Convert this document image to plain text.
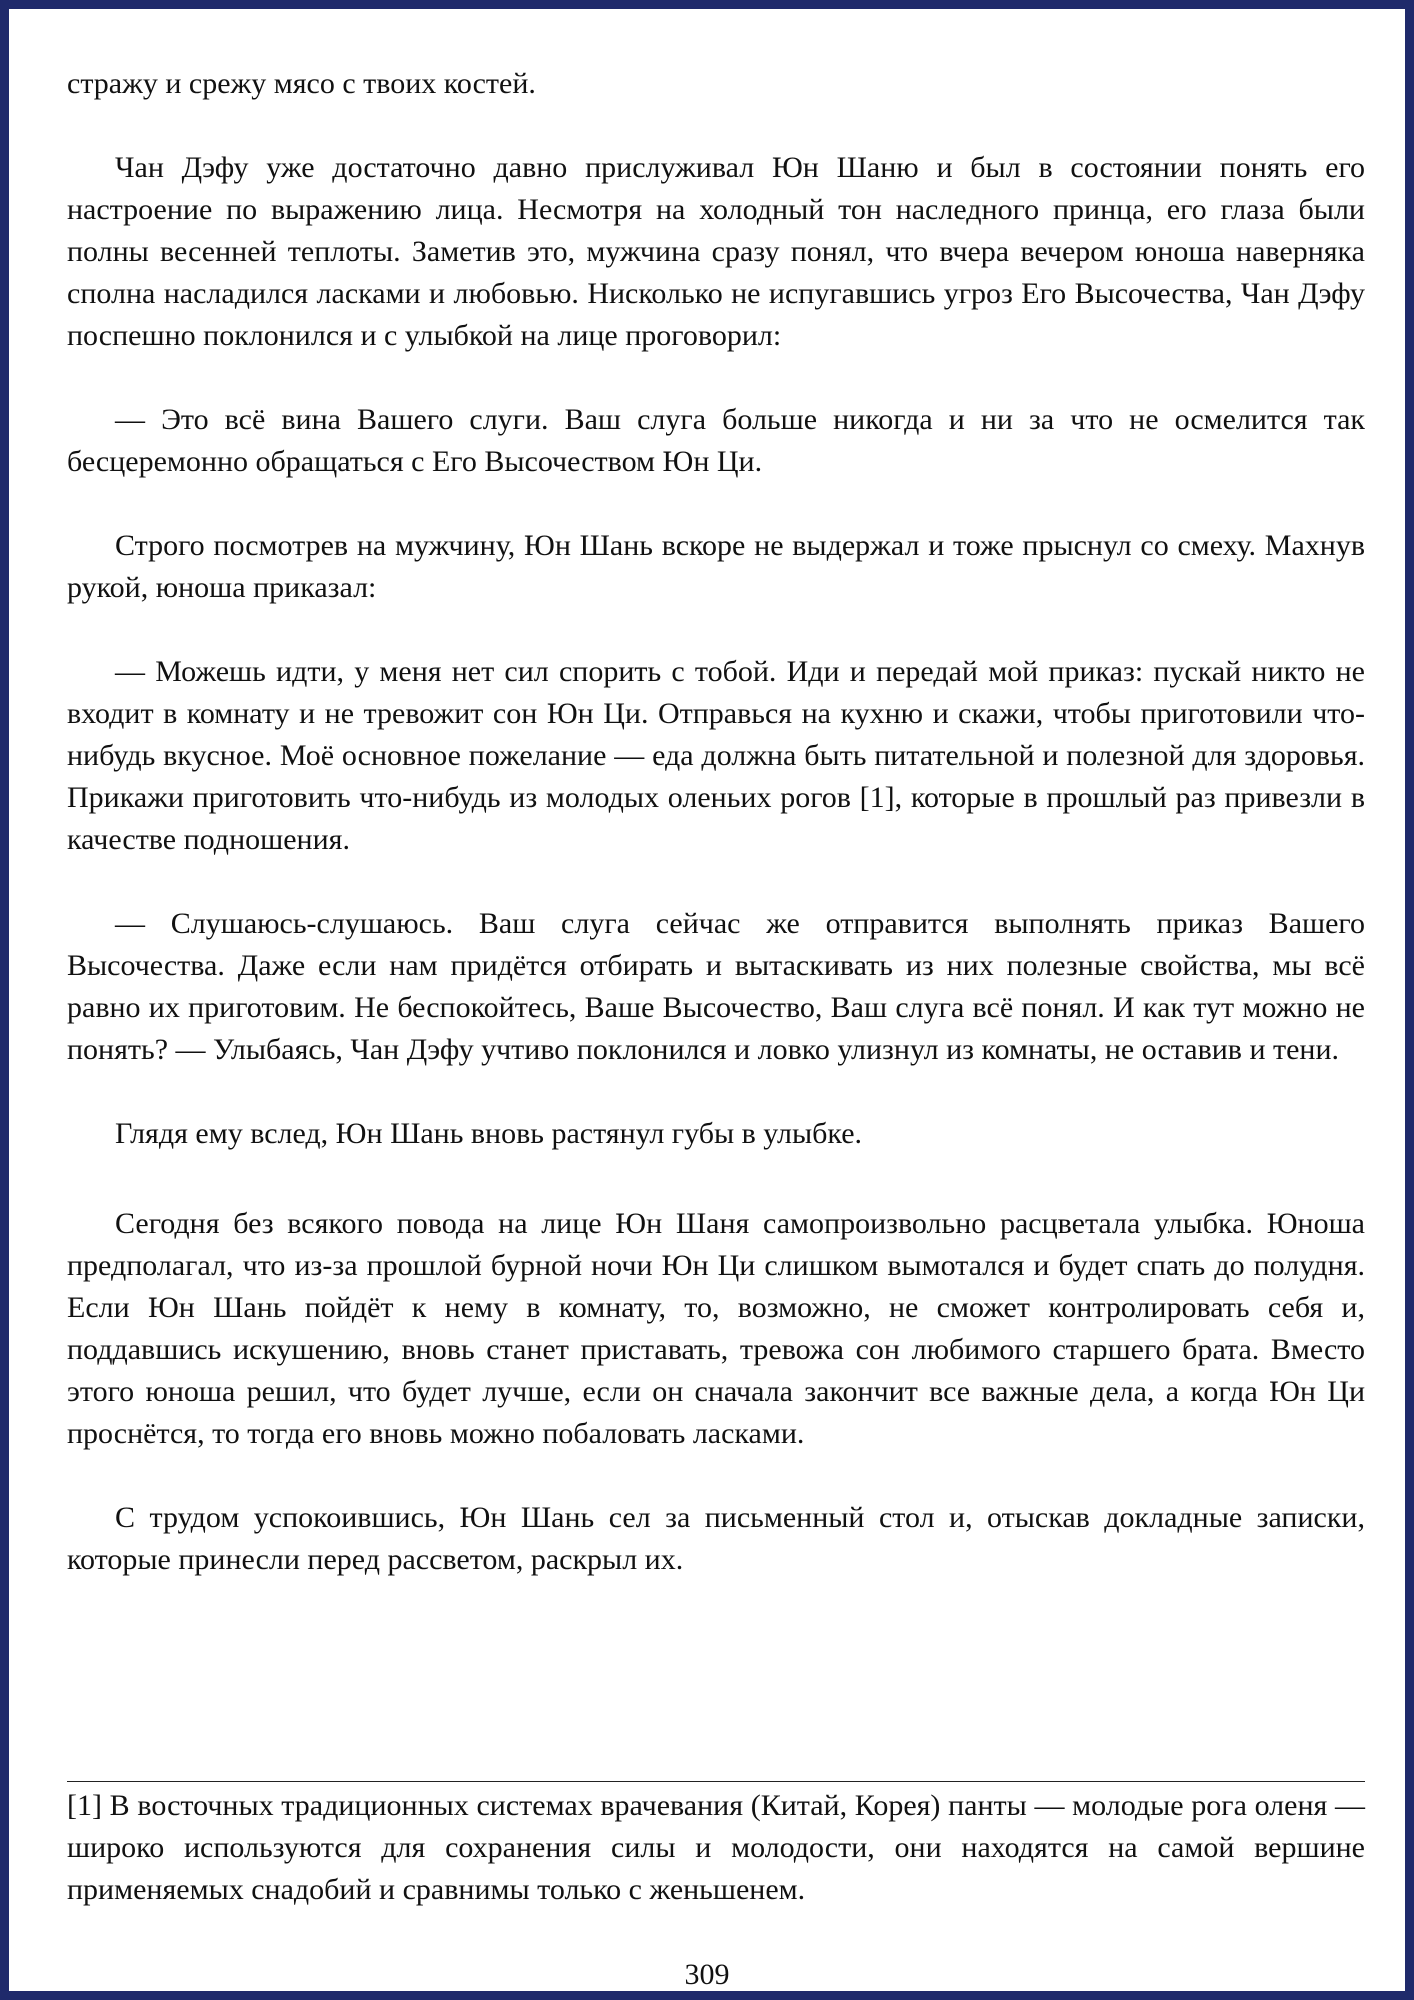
стражу и срежу мясо с твоих костей.

Чан Дэфу уже достаточно давно прислуживал Юн Шаню и был в состоянии понять его настроение по выражению лица. Несмотря на холодный тон наследного принца, его глаза были полны весенней теплоты. Заметив это, мужчина сразу понял, что вчера вечером юноша наверняка сполна насладился ласками и любовью. Нисколько не испугавшись угроз Его Высочества, Чан Дэфу поспешно поклонился и с улыбкой на лице проговорил:

— Это всё вина Вашего слуги. Ваш слуга больше никогда и ни за что не осмелится так бесцеремонно обращаться с Его Высочеством Юн Ци.

Строго посмотрев на мужчину, Юн Шань вскоре не выдержал и тоже прыснул со смеху. Махнув рукой, юноша приказал:

— Можешь идти, у меня нет сил спорить с тобой. Иди и передай мой приказ: пускай никто не входит в комнату и не тревожит сон Юн Ци. Отправься на кухню и скажи, чтобы приготовили что-нибудь вкусное. Моё основное пожелание — еда должна быть питательной и полезной для здоровья. Прикажи приготовить что-нибудь из молодых оленьих рогов [1], которые в прошлый раз привезли в качестве подношения.

— Слушаюсь-слушаюсь. Ваш слуга сейчас же отправится выполнять приказ Вашего Высочества. Даже если нам придётся отбирать и вытаскивать из них полезные свойства, мы всё равно их приготовим. Не беспокойтесь, Ваше Высочество, Ваш слуга всё понял. И как тут можно не понять? — Улыбаясь, Чан Дэфу учтиво поклонился и ловко улизнул из комнаты, не оставив и тени.

Глядя ему вслед, Юн Шань вновь растянул губы в улыбке.

Сегодня без всякого повода на лице Юн Шаня самопроизвольно расцветала улыбка. Юноша предполагал, что из-за прошлой бурной ночи Юн Ци слишком вымотался и будет спать до полудня. Если Юн Шань пойдёт к нему в комнату, то, возможно, не сможет контролировать себя и, поддавшись искушению, вновь станет приставать, тревожа сон любимого старшего брата. Вместо этого юноша решил, что будет лучше, если он сначала закончит все важные дела, а когда Юн Ци проснётся, то тогда его вновь можно побаловать ласками.

С трудом успокоившись, Юн Шань сел за письменный стол и, отыскав докладные записки, которые принесли перед рассветом, раскрыл их.

[1] В восточных традиционных системах врачевания (Китай, Корея) панты — молодые рога оленя — широко используются для сохранения силы и молодости, они находятся на самой вершине применяемых снадобий и сравнимы только с женьшенем.

309
